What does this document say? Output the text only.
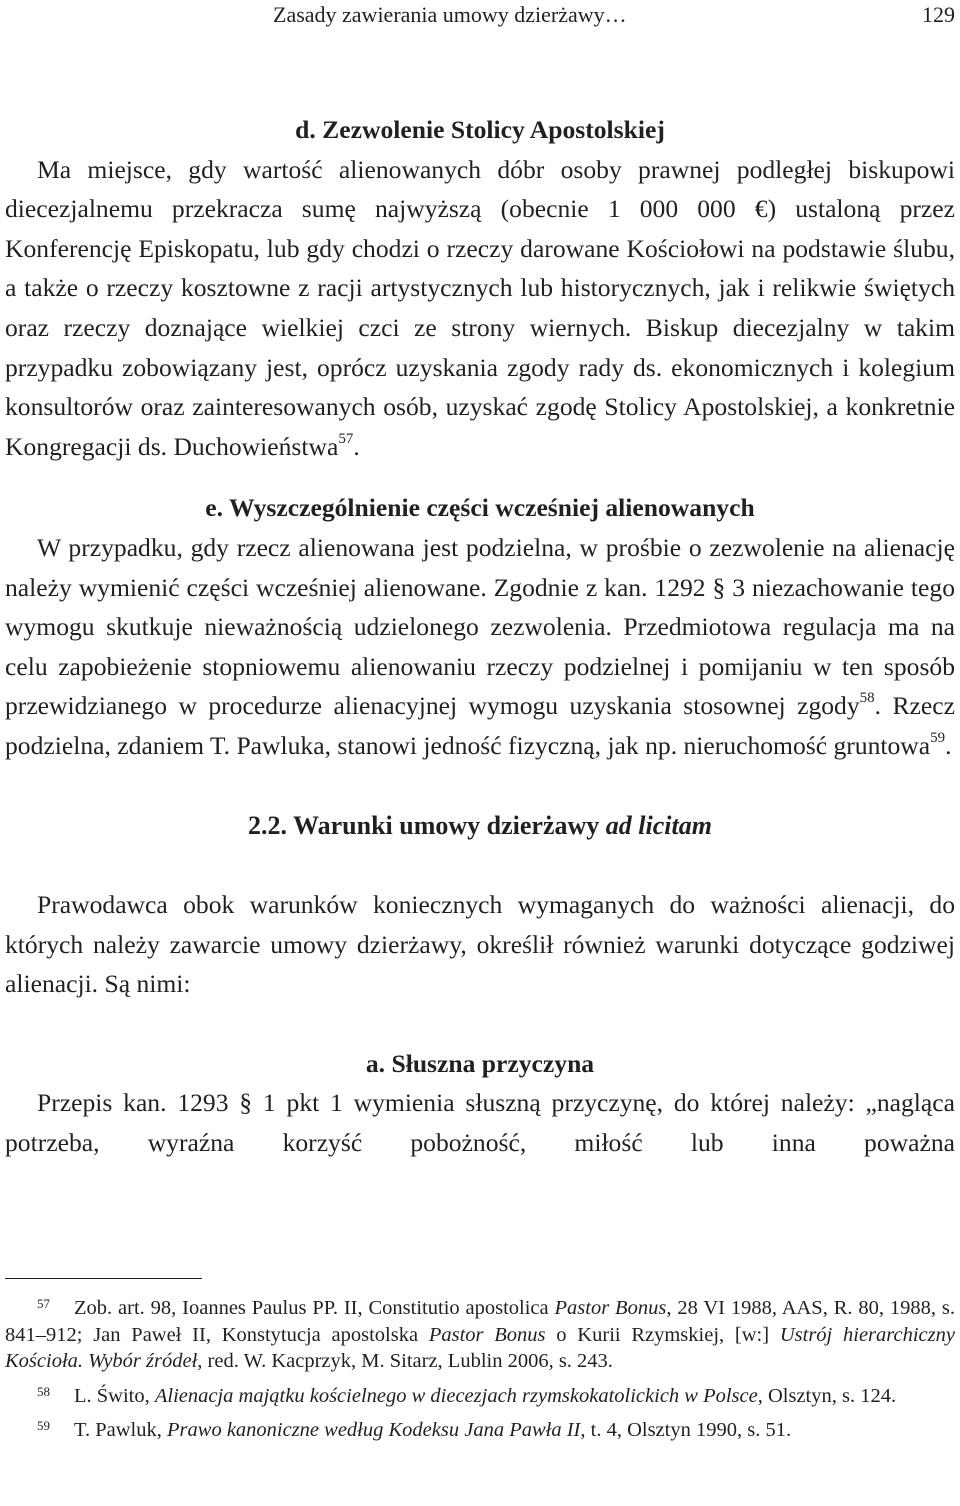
Zasady zawierania umowy dzierżawy…	129

d. Zezwolenie Stolicy Apostolskiej

Ma miejsce, gdy wartość alienowanych dóbr osoby prawnej podległej biskupowi diecezjalnemu przekracza sumę najwyższą (obecnie 1 000 000 €) ustaloną przez Konferencję Episkopatu, lub gdy chodzi o rzeczy darowane Kościołowi na podstawie ślubu, a także o rzeczy kosztowne z racji artystycznych lub historycznych, jak i relikwie świętych oraz rzeczy doznające wielkiej czci ze strony wiernych. Biskup diecezjalny w takim przypadku zobowiązany jest, oprócz uzyskania zgody rady ds. ekonomicznych i kolegium konsultorów oraz zainteresowanych osób, uzyskać zgodę Stolicy Apostolskiej, a konkretnie Kongregacji ds. Duchowieństwa$^{57}$.

e. Wyszczególnienie części wcześniej alienowanych

W przypadku, gdy rzecz alienowana jest podzielna, w prośbie o zezwolenie na alienację należy wymienić części wcześniej alienowane. Zgodnie z kan. 1292 § 3 niezachowanie tego wymogu skutkuje nieważnością udzielonego zezwolenia. Przedmiotowa regulacja ma na celu zapobieżenie stopniowemu alienowaniu rzeczy podzielnej i pomijaniu w ten sposób przewidzianego w procedurze alienacyjnej wymogu uzyskania stosownej zgody$^{58}$. Rzecz podzielna, zdaniem T. Pawluka, stanowi jedność fizyczną, jak np. nieruchomość gruntowa$^{59}$.

2.2. Warunki umowy dzierżawy ad licitam

Prawodawca obok warunków koniecznych wymaganych do ważności alienacji, do których należy zawarcie umowy dzierżawy, określił również warunki dotyczące godziwej alienacji. Są nimi:

a. Słuszna przyczyna

Przepis kan. 1293 § 1 pkt 1 wymienia słuszną przyczynę, do której należy: „nagląca potrzeba, wyraźna korzyść pobożność, miłość lub inna poważna

57 Zob. art. 98, Ioannes Paulus PP. II, Constitutio apostolica Pastor Bonus, 28 VI 1988, AAS, R. 80, 1988, s. 841–912; Jan Paweł II, Konstytucja apostolska Pastor Bonus o Kurii Rzymskiej, [w:] Ustrój hierarchiczny Kościoła. Wybór źródeł, red. W. Kacprzyk, M. Sitarz, Lublin 2006, s. 243.

58 L. Świto, Alienacja majątku kościelnego w diecezjach rzymskokatolickich w Polsce, Olsztyn, s. 124.

59 T. Pawluk, Prawo kanoniczne według Kodeksu Jana Pawła II, t. 4, Olsztyn 1990, s. 51.
